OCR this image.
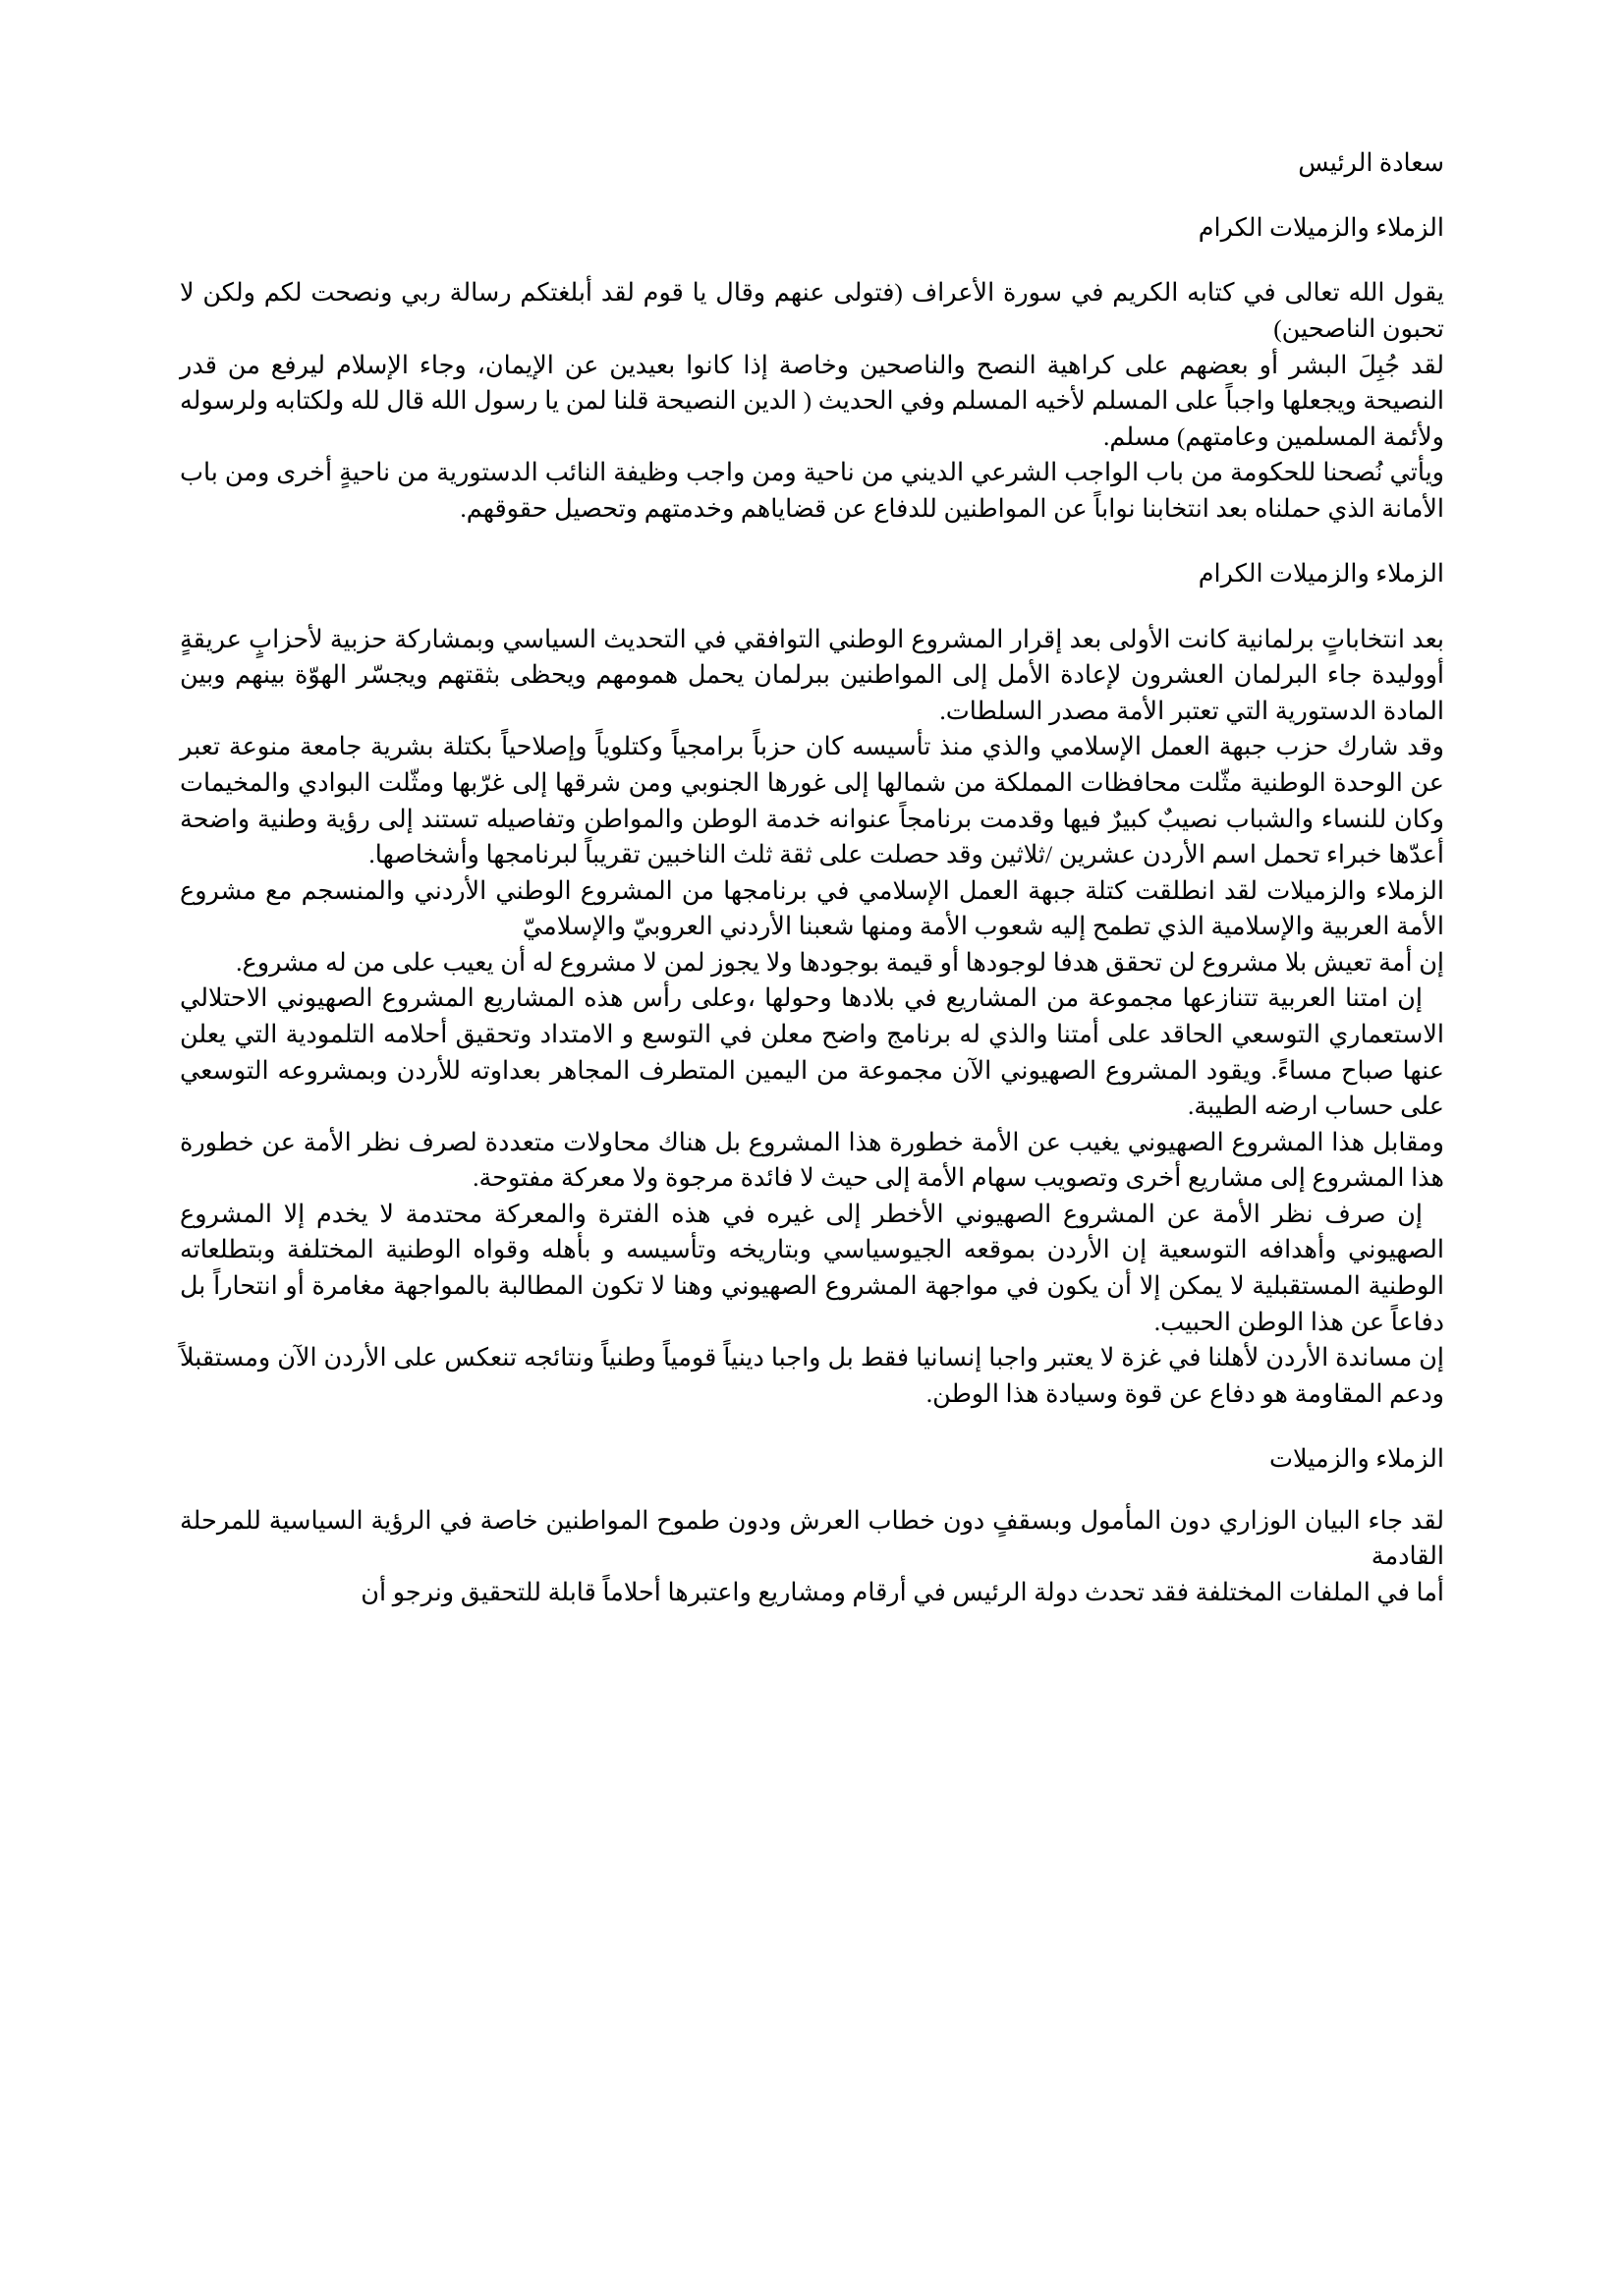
سعادة الرئيس

الزملاء والزميلات الكرام

يقول الله تعالى في كتابه الكريم في سورة الأعراف (فتولى عنهم وقال يا قوم لقد أبلغتكم رسالة ربي ونصحت لكم ولكن لا تحبون الناصحين)

لقد جُبِلَ البشر أو بعضهم على كراهية النصح والناصحين وخاصة إذا كانوا بعيدين عن الإيمان، وجاء الإسلام ليرفع من قدر النصيحة ويجعلها واجباً على المسلم لأخيه المسلم وفي الحديث ( الدين النصيحة قلنا لمن يا رسول الله قال لله ولكتابه ولرسوله ولأئمة المسلمين وعامتهم) مسلم.

ويأتي نُصحنا للحكومة من باب الواجب الشرعي الديني من ناحية ومن واجب وظيفة النائب الدستورية من ناحيةٍ أخرى ومن باب الأمانة الذي حملناه بعد انتخابنا نواباً عن المواطنين للدفاع عن قضاياهم وخدمتهم وتحصيل حقوقهم.

الزملاء والزميلات الكرام

بعد انتخاباتٍ برلمانية كانت الأولى بعد إقرار المشروع الوطني التوافقي في التحديث السياسي وبمشاركة حزبية لأحزابٍ عريقةٍ أووليدة جاء البرلمان العشرون لإعادة الأمل إلى المواطنين ببرلمان يحمل همومهم ويحظى بثقتهم ويجسّر الهوّة بينهم وبين المادة الدستورية التي تعتبر الأمة مصدر السلطات.

وقد شارك حزب جبهة العمل الإسلامي والذي منذ تأسيسه كان حزباً برامجياً وكتلوياً وإصلاحياً بكتلة بشرية جامعة منوعة تعبر عن الوحدة الوطنية مثّلت محافظات المملكة من شمالها إلى غورها الجنوبي ومن شرقها إلى غرّبها ومثّلت البوادي والمخيمات وكان للنساء والشباب نصيبٌ كبيرٌ فيها وقدمت برنامجاً عنوانه خدمة الوطن والمواطن وتفاصيله تستند إلى رؤية وطنية واضحة أعدّها خبراء تحمل اسم الأردن عشرين /ثلاثين وقد حصلت على ثقة ثلث الناخبين تقريباً لبرنامجها وأشخاصها.

الزملاء والزميلات لقد انطلقت كتلة جبهة العمل الإسلامي في برنامجها من المشروع الوطني الأردني والمنسجم مع مشروع الأمة العربية والإسلامية الذي تطمح إليه شعوب الأمة ومنها شعبنا الأردني العروبيّ والإسلاميّ

إن أمة تعيش بلا مشروع لن تحقق هدفا لوجودها أو قيمة بوجودها ولا يجوز لمن لا مشروع له أن يعيب على من له مشروع.

إن امتنا العربية تتنازعها مجموعة من المشاريع في بلادها وحولها ،وعلى رأس هذه المشاريع المشروع الصهيوني الاحتلالي الاستعماري التوسعي الحاقد على أمتنا والذي له برنامج واضح معلن في التوسع و الامتداد وتحقيق أحلامه التلمودية التي يعلن عنها صباح مساءً. ويقود المشروع الصهيوني الآن مجموعة من اليمين المتطرف المجاهر بعداوته للأردن وبمشروعه التوسعي على حساب ارضه الطيبة.

ومقابل هذا المشروع الصهيوني يغيب عن الأمة خطورة هذا المشروع بل هناك محاولات متعددة لصرف نظر الأمة عن خطورة هذا المشروع إلى مشاريع أخرى وتصويب سهام الأمة إلى حيث لا فائدة مرجوة ولا معركة مفتوحة.

إن صرف نظر الأمة عن المشروع الصهيوني الأخطر إلى غيره في هذه الفترة والمعركة محتدمة لا يخدم إلا المشروع الصهيوني وأهدافه التوسعية إن الأردن بموقعه الجيوسياسي وبتاريخه وتأسيسه و بأهله وقواه الوطنية المختلفة وبتطلعاته الوطنية المستقبلية لا يمكن إلا أن يكون في مواجهة المشروع الصهيوني وهنا لا تكون المطالبة بالمواجهة مغامرة أو انتحاراً بل دفاعاً عن هذا الوطن الحبيب.

إن مساندة الأردن لأهلنا في غزة لا يعتبر واجبا إنسانيا فقط بل واجبا دينياً قومياً وطنياً ونتائجه تنعكس على الأردن الآن ومستقبلاً ودعم المقاومة هو دفاع عن قوة وسيادة هذا الوطن.

الزملاء والزميلات

لقد جاء البيان الوزاري دون المأمول وبسقفٍ دون خطاب العرش ودون طموح المواطنين خاصة في الرؤية السياسية للمرحلة القادمة

أما في الملفات المختلفة فقد تحدث دولة الرئيس في أرقام ومشاريع واعتبرها أحلاماً قابلة للتحقيق ونرجو أن
